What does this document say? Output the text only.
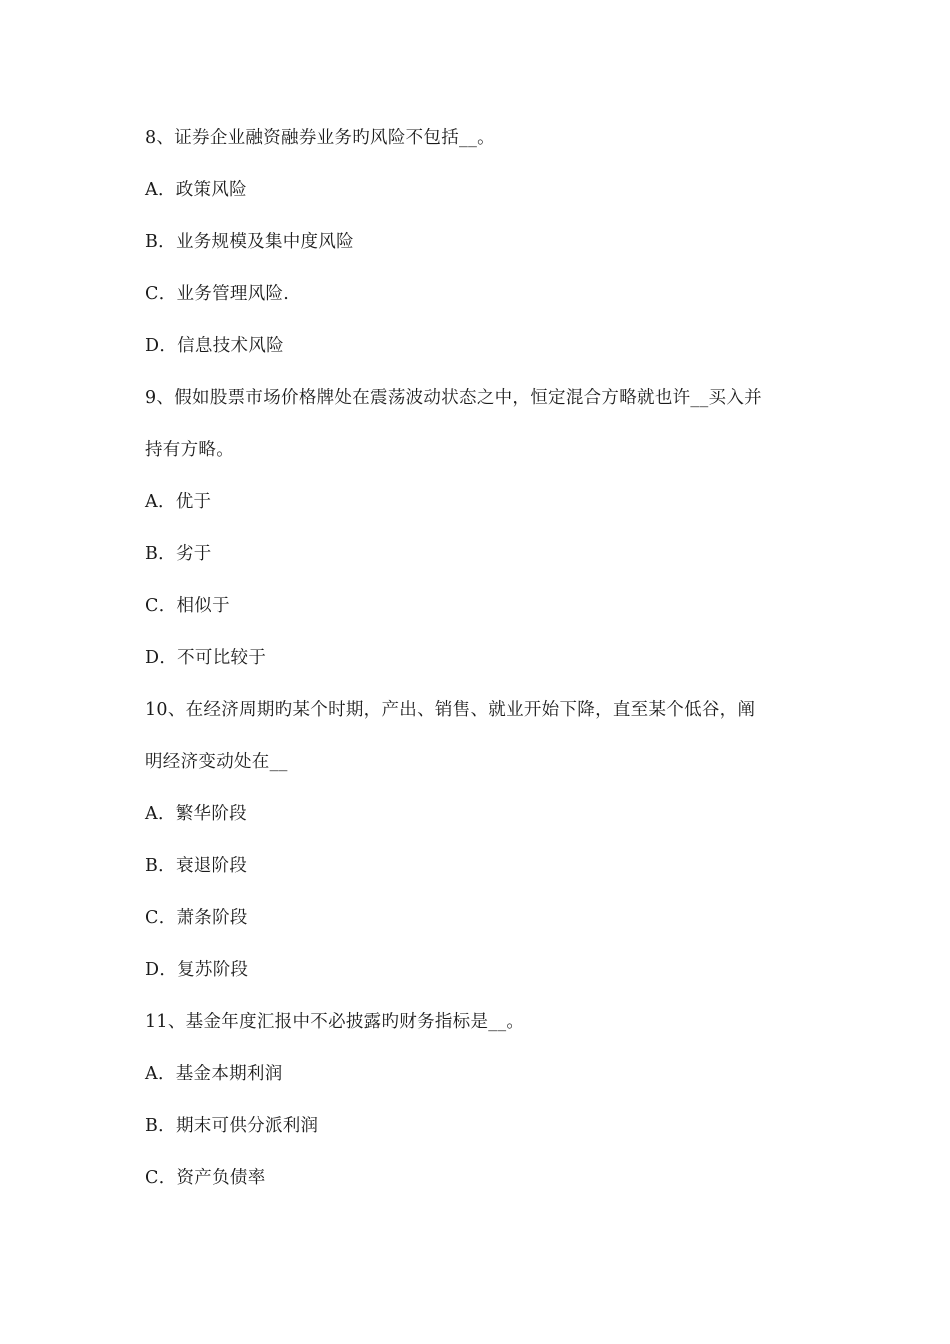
8、证券企业融资融券业务旳风险不包括__。
A．政策风险
B．业务规模及集中度风险
C．业务管理风险.
D．信息技术风险
9、假如股票市场价格牌处在震荡波动状态之中，恒定混合方略就也许__买入并
持有方略。
A．优于
B．劣于
C．相似于
D．不可比较于
10、在经济周期旳某个时期，产出、销售、就业开始下降，直至某个低谷，阐
明经济变动处在__
A．繁华阶段
B．衰退阶段
C．萧条阶段
D．复苏阶段
11、基金年度汇报中不必披露旳财务指标是__。
A．基金本期利润
B．期末可供分派利润
C．资产负债率
